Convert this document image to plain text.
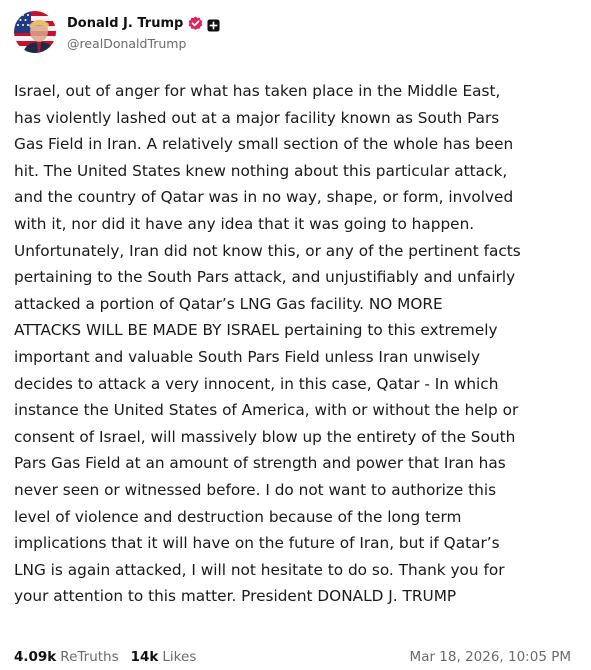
Donald J. Trump
@realDonaldTrump

Israel, out of anger for what has taken place in the Middle East,
has violently lashed out at a major facility known as South Pars
Gas Field in Iran. A relatively small section of the whole has been
hit. The United States knew nothing about this particular attack,
and the country of Qatar was in no way, shape, or form, involved
with it, nor did it have any idea that it was going to happen.
Unfortunately, Iran did not know this, or any of the pertinent facts
pertaining to the South Pars attack, and unjustifiably and unfairly
attacked a portion of Qatar’s LNG Gas facility. NO MORE
ATTACKS WILL BE MADE BY ISRAEL pertaining to this extremely
important and valuable South Pars Field unless Iran unwisely
decides to attack a very innocent, in this case, Qatar - In which
instance the United States of America, with or without the help or
consent of Israel, will massively blow up the entirety of the South
Pars Gas Field at an amount of strength and power that Iran has
never seen or witnessed before. I do not want to authorize this
level of violence and destruction because of the long term
implications that it will have on the future of Iran, but if Qatar’s
LNG is again attacked, I will not hesitate to do so. Thank you for
your attention to this matter. President DONALD J. TRUMP

4.09k ReTruths 14k Likes	Mar 18, 2026, 10:05 PM
